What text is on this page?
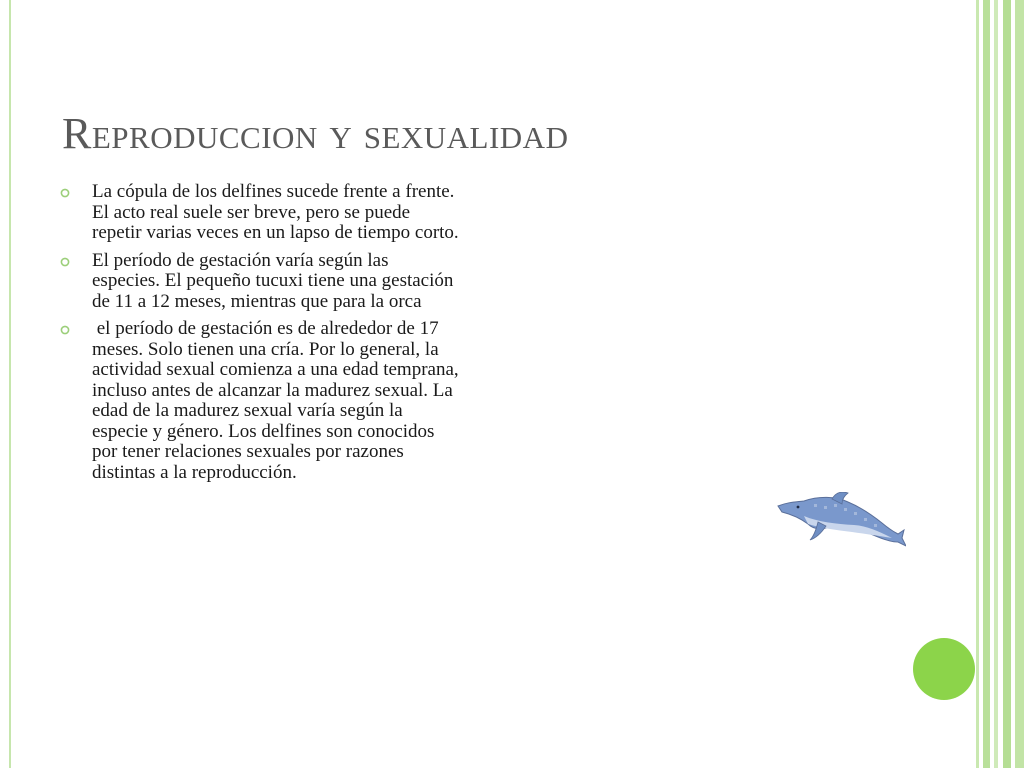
Reproduccion y sexualidad
La cópula de los delfines sucede frente a frente. El acto real suele ser breve, pero se puede repetir varias veces en un lapso de tiempo corto.
El período de gestación varía según las especies. El pequeño tucuxi tiene una gestación de 11 a 12 meses, mientras que para la orca
el período de gestación es de alrededor de 17 meses. Solo tienen una cría. Por lo general, la actividad sexual comienza a una edad temprana, incluso antes de alcanzar la madurez sexual. La edad de la madurez sexual varía según la especie y género. Los delfines son conocidos por tener relaciones sexuales por razones distintas a la reproducción.
